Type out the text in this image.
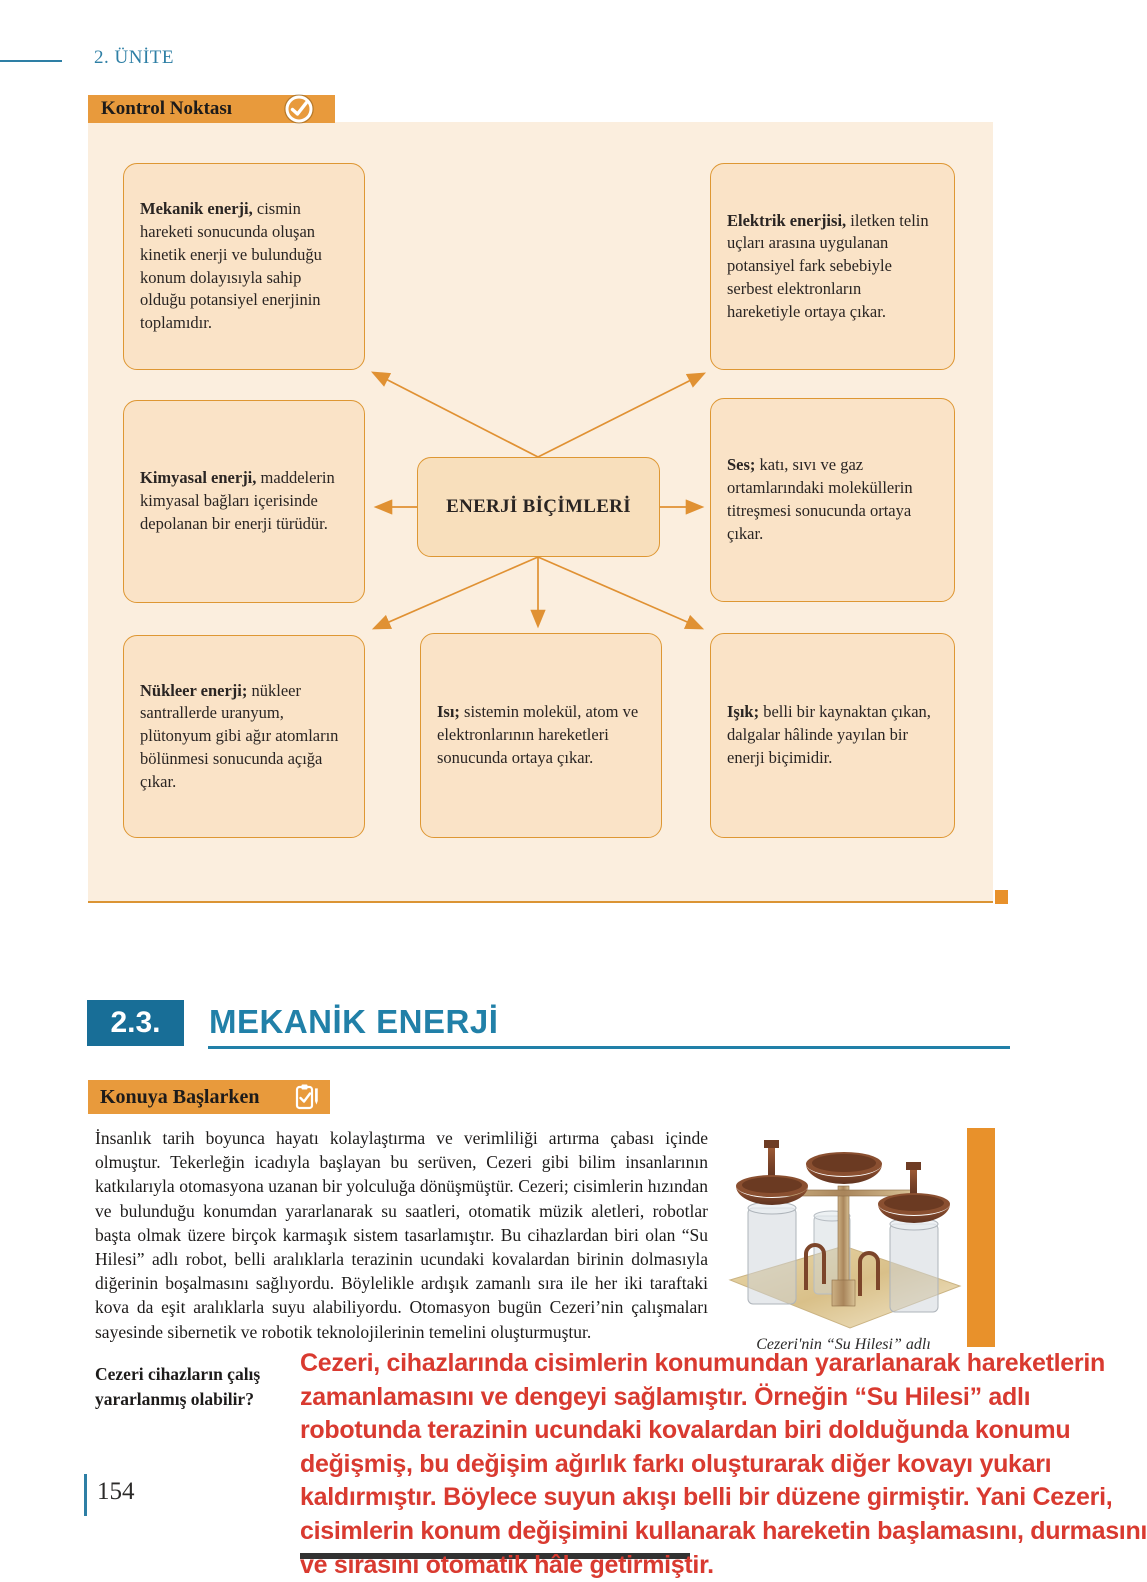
2. ÜNİTE
Kontrol Noktası

Mekanik enerji, cismin hareketi sonucunda oluşan kinetik enerji ve bulunduğu konum dolayısıyla sahip olduğu potansiyel enerjinin toplamıdır.

Elektrik enerjisi, iletken telin uçları arasına uygulanan potansiyel fark sebebiyle serbest elektronların hareketiyle ortaya çıkar.

Kimyasal enerji, maddelerin kimyasal bağları içerisinde depolanan bir enerji türüdür.

Ses; katı, sıvı ve gaz ortamlarındaki moleküllerin titreşmesi sonucunda ortaya çıkar.

Nükleer enerji; nükleer santrallerde uranyum, plütonyum gibi ağır atomların bölünmesi sonucunda açığa çıkar.

Isı; sistemin molekül, atom ve elektronlarının hareketleri sonucunda ortaya çıkar.

Işık; belli bir kaynaktan çıkan, dalgalar hâlinde yayılan bir enerji biçimidir.

ENERJİ BİÇİMLERİ
2.3.	MEKANİK ENERJİ
Konuya Başlarken
İnsanlık tarih boyunca hayatı kolaylaştırma ve verimliliği artırma çabası içinde olmuştur. Tekerleğin icadıyla başlayan bu serüven, Cezeri gibi bilim insanlarının katkılarıyla otomasyona uzanan bir yolculuğa dönüşmüştür. Cezeri; cisimlerin hızından ve bulunduğu konumdan yararlanarak su saatleri, otomatik müzik aletleri, robotlar başta olmak üzere birçok karmaşık sistem tasarlamıştır. Bu cihazlardan biri olan “Su Hilesi” adlı robot, belli aralıklarla terazinin ucundaki kovalardan birinin dolmasıyla diğerinin boşalmasını sağlıyordu. Böylelikle ardışık zamanlı sıra ile her iki taraftaki kova da eşit aralıklarla suyu alabiliyordu. Otomasyon bugün Cezeri’nin çalışmaları sayesinde sibernetik ve robotik teknolojilerinin temelini oluşturmuştur.
Cezeri'nin “Su Hilesi” adlı
Cezeri cihazların çalış
yararlanmış olabilir?
Cezeri, cihazlarında cisimlerin konumundan yararlanarak hareketlerin
zamanlamasını ve dengeyi sağlamıştır. Örneğin “Su Hilesi” adlı
robotunda terazinin ucundaki kovalardan biri dolduğunda konumu
değişmiş, bu değişim ağırlık farkı oluşturarak diğer kovayı yukarı
kaldırmıştır. Böylece suyun akışı belli bir düzene girmiştir. Yani Cezeri,
cisimlerin konum değişimini kullanarak hareketin başlamasını, durmasını
ve sırasını otomatik hâle getirmiştir.
154
